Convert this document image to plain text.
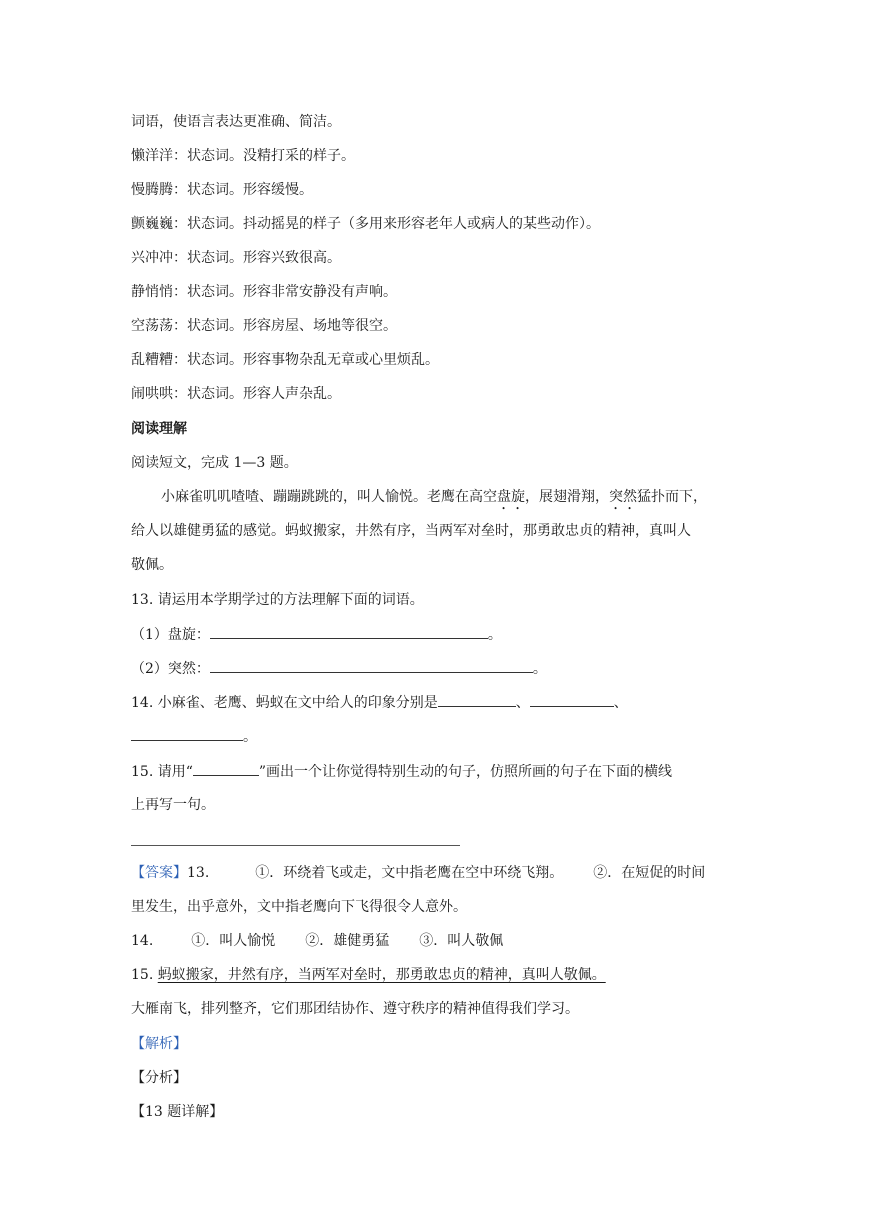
词语，使语言表达更准确、简洁。
懒洋洋：状态词。没精打采的样子。
慢腾腾：状态词。形容缓慢。
颤巍巍：状态词。抖动摇晃的样子（多用来形容老年人或病人的某些动作）。
兴冲冲：状态词。形容兴致很高。
静悄悄：状态词。形容非常安静没有声响。
空荡荡：状态词。形容房屋、场地等很空。
乱糟糟：状态词。形容事物杂乱无章或心里烦乱。
闹哄哄：状态词。形容人声杂乱。
阅读理解
阅读短文，完成 1—3 题。
小麻雀叽叽喳喳、蹦蹦跳跳的，叫人愉悦。老鹰在高空盘旋，展翅滑翔，突然猛扑而下，
给人以雄健勇猛的感觉。蚂蚁搬家，井然有序，当两军对垒时，那勇敢忠贞的精神，真叫人
敬佩。
13. 请运用本学期学过的方法理解下面的词语。
（1）盘旋：	。
（2）突然：	。
14. 小麻雀、老鹰、蚂蚁在文中给人的印象分别是	、	、
。
15. 请用“	”画出一个让你觉得特别生动的句子，仿照所画的句子在下面的横线
上再写一句。
【答案】13.	①．环绕着飞或走，文中指老鹰在空中环绕飞翔。 ②．在短促的时间
里发生，出乎意外，文中指老鹰向下飞得很令人意外。
14.	①．叫人愉悦 ②．雄健勇猛 ③．叫人敬佩
15. 蚂蚁搬家，井然有序，当两军对垒时，那勇敢忠贞的精神，真叫人敬佩。
大雁南飞，排列整齐，它们那团结协作、遵守秩序的精神值得我们学习。
【解析】
【分析】
【13 题详解】
